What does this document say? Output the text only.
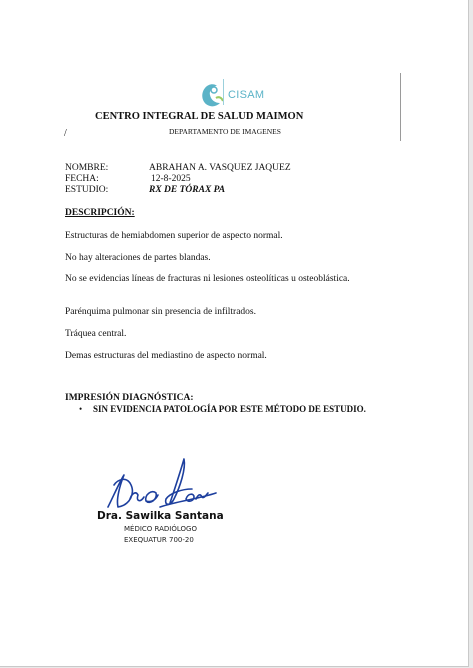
CISAM
CENTRO INTEGRAL DE SALUD MAIMON
/	DEPARTAMENTO DE IMAGENES
NOMBRE:	ABRAHAN A. VASQUEZ JAQUEZ
FECHA:	12-8-2025
ESTUDIO:	RX DE TÓRAX PA
DESCRIPCIÓN:
Estructuras de hemiabdomen superior de aspecto normal.
No hay alteraciones de partes blandas.
No se evidencias líneas de fracturas ni lesiones osteolíticas u osteoblástica.
Parénquima pulmonar sin presencia de infiltrados.
Tráquea central.
Demas estructuras del mediastino de aspecto normal.
IMPRESIÓN DIAGNÓSTICA:
• SIN EVIDENCIA PATOLOGÍA POR ESTE MÉTODO DE ESTUDIO.
Dra. Sawilka Santana
MÉDICO RADIÓLOGO
EXEQUATUR 700-20
